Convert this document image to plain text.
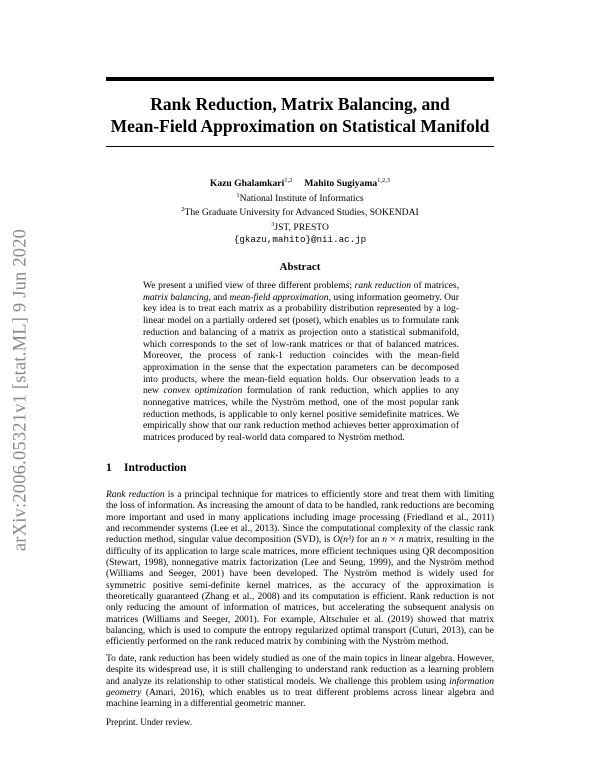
arXiv:2006.05321v1 [stat.ML] 9 Jun 2020
Rank Reduction, Matrix Balancing, and
Mean-Field Approximation on Statistical Manifold
Kazu Ghalamkari$^{1,2}$ Mahito Sugiyama$^{1,2,3}$
$^1$National Institute of Informatics
$^2$The Graduate University for Advanced Studies, SOKENDAI
$^3$JST, PRESTO
{gkazu,mahito}@nii.ac.jp
Abstract

We present a unified view of three different problems; rank reduction of matrices, matrix balancing, and mean-field approximation, using information geometry. Our key idea is to treat each matrix as a probability distribution represented by a log-linear model on a partially ordered set (poset), which enables us to formulate rank reduction and balancing of a matrix as projection onto a statistical submanifold, which corresponds to the set of low-rank matrices or that of balanced matrices. Moreover, the process of rank-1 reduction coincides with the mean-field approximation in the sense that the expectation parameters can be decomposed into products, where the mean-field equation holds. Our observation leads to a new convex optimization formulation of rank reduction, which applies to any nonnegative matrices, while the Nyström method, one of the most popular rank reduction methods, is applicable to only kernel positive semidefinite matrices. We empirically show that our rank reduction method achieves better approximation of matrices produced by real-world data compared to Nyström method.

1 Introduction

Rank reduction is a principal technique for matrices to efficiently store and treat them with limiting the loss of information. As increasing the amount of data to be handled, rank reductions are becoming more important and used in many applications including image processing (Friedland et al., 2011) and recommender systems (Lee et al., 2013). Since the computational complexity of the classic rank reduction method, singular value decomposition (SVD), is O(n³) for an n × n matrix, resulting in the difficulty of its application to large scale matrices, more efficient techniques using QR decomposition (Stewart, 1998), nonnegative matrix factorization (Lee and Seung, 1999), and the Nyström method (Williams and Seeger, 2001) have been developed. The Nyström method is widely used for symmetric positive semi-definite kernel matrices, as the accuracy of the approximation is theoretically guaranteed (Zhang et al., 2008) and its computation is efficient. Rank reduction is not only reducing the amount of information of matrices, but accelerating the subsequent analysis on matrices (Williams and Seeger, 2001). For example, Altschuler et al. (2019) showed that matrix balancing, which is used to compute the entropy regularized optimal transport (Cuturi, 2013), can be efficiently performed on the rank reduced matrix by combining with the Nyström method.

To date, rank reduction has been widely studied as one of the main topics in linear algebra. However, despite its widespread use, it is still challenging to understand rank reduction as a learning problem and analyze its relationship to other statistical models. We challenge this problem using information geometry (Amari, 2016), which enables us to treat different problems across linear algebra and machine learning in a differential geometric manner.

Preprint. Under review.
